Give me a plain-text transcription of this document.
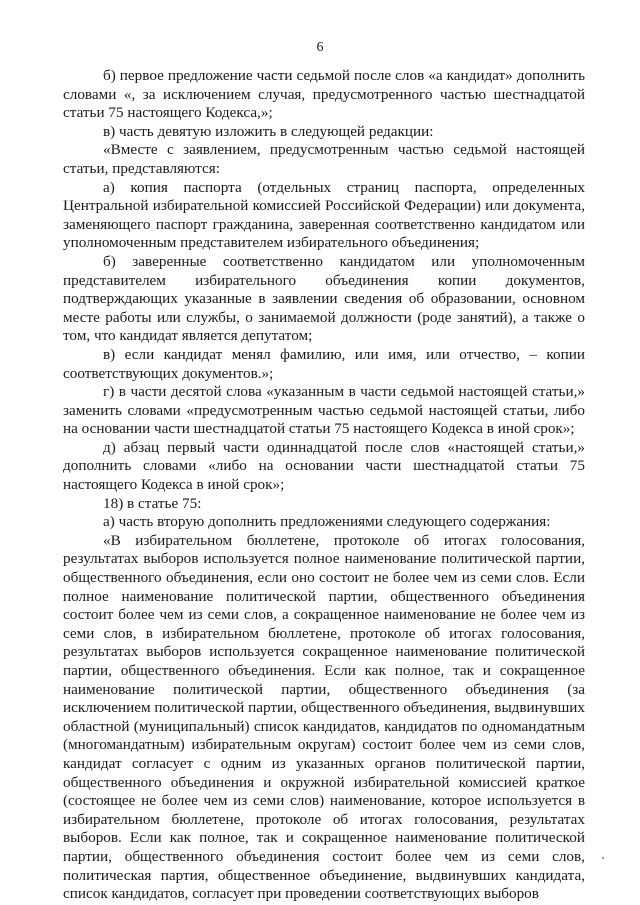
6

б) первое предложение части седьмой после слов «а кандидат» дополнить словами «, за исключением случая, предусмотренного частью шестнадцатой статьи 75 настоящего Кодекса,»;

в) часть девятую изложить в следующей редакции:

«Вместе с заявлением, предусмотренным частью седьмой настоящей статьи, представляются:

а) копия паспорта (отдельных страниц паспорта, определенных Центральной избирательной комиссией Российской Федерации) или документа, заменяющего паспорт гражданина, заверенная соответственно кандидатом или уполномоченным представителем избирательного объединения;

б) заверенные соответственно кандидатом или уполномоченным представителем избирательного объединения копии документов, подтверждающих указанные в заявлении сведения об образовании, основном месте работы или службы, о занимаемой должности (роде занятий), а также о том, что кандидат является депутатом;

в) если кандидат менял фамилию, или имя, или отчество, – копии соответствующих документов.»;

г) в части десятой слова «указанным в части седьмой настоящей статьи,» заменить словами «предусмотренным частью седьмой настоящей статьи, либо на основании части шестнадцатой статьи 75 настоящего Кодекса в иной срок»;

д) абзац первый части одиннадцатой после слов «настоящей статьи,» дополнить словами «либо на основании части шестнадцатой статьи 75 настоящего Кодекса в иной срок»;

18) в статье 75:

а) часть вторую дополнить предложениями следующего содержания:

«В избирательном бюллетене, протоколе об итогах голосования, результатах выборов используется полное наименование политической партии, общественного объединения, если оно состоит не более чем из семи слов. Если полное наименование политической партии, общественного объединения состоит более чем из семи слов, а сокращенное наименование не более чем из семи слов, в избирательном бюллетене, протоколе об итогах голосования, результатах выборов используется сокращенное наименование политической партии, общественного объединения. Если как полное, так и сокращенное наименование политической партии, общественного объединения (за исключением политической партии, общественного объединения, выдвинувших областной (муниципальный) список кандидатов, кандидатов по одномандатным (многомандатным) избирательным округам) состоит более чем из семи слов, кандидат согласует с одним из указанных органов политической партии, общественного объединения и окружной избирательной комиссией краткое (состоящее не более чем из семи слов) наименование, которое используется в избирательном бюллетене, протоколе об итогах голосования, результатах выборов. Если как полное, так и сокращенное наименование политической партии, общественного объединения состоит более чем из семи слов, политическая партия, общественное объединение, выдвинувших кандидата, список кандидатов, согласует при проведении соответствующих выборов
